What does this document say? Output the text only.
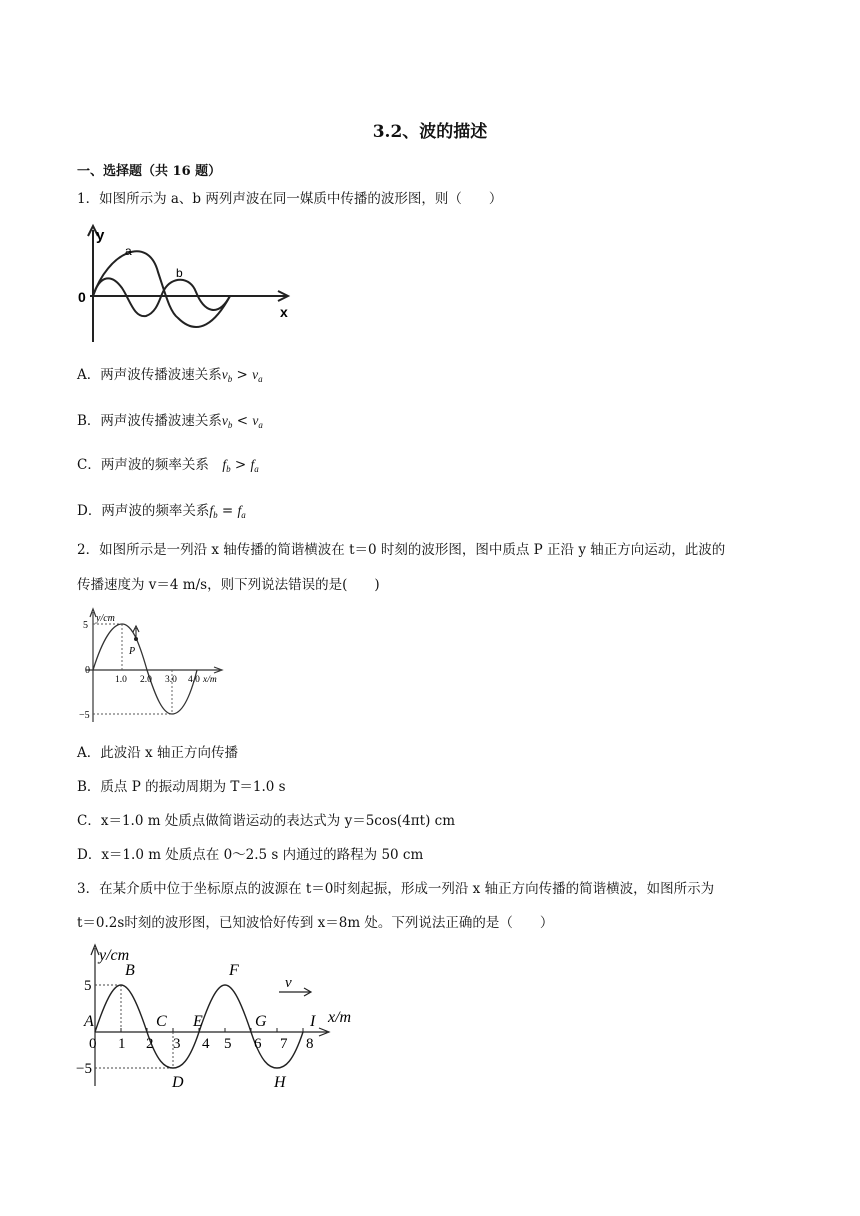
3.2、波的描述
一、选择题（共 16 题）
1．如图所示为 a、b 两列声波在同一媒质中传播的波形图，则（　　）
y
0
a
b
x
A．两声波传播波速关系$v_b > v_a$
B．两声波传播波速关系$v_b < v_a$
C．两声波的频率关系　$f_b > f_a$
D．两声波的频率关系$f_b = f_a$
2．如图所示是一列沿 x 轴传播的简谐横波在 t＝0 时刻的波形图，图中质点 P 正沿 y 轴正方向运动，此波的
传播速度为 v＝4 m/s，则下列说法错误的是(　　)
y/cm
5
−5
0
P
1.0 2.0 3.0 4.0 x/m
A．此波沿 x 轴正方向传播
B．质点 P 的振动周期为 T＝1.0 s
C．x＝1.0 m 处质点做简谐运动的表达式为 y＝5cos(4πt) cm
D．x＝1.0 m 处质点在 0～2.5 s 内通过的路程为 50 cm
3．在某介质中位于坐标原点的波源在 t＝0时刻起振，形成一列沿 x 轴正方向传播的简谐横波，如图所示为
t＝0.2s时刻的波形图，已知波恰好传到 x＝8m 处。下列说法正确的是（　　）
v
y/cm
x/m
5
−5
0 1 2 3 4 5 6 7 8
A
B
C
D
E
F
G
H
I
